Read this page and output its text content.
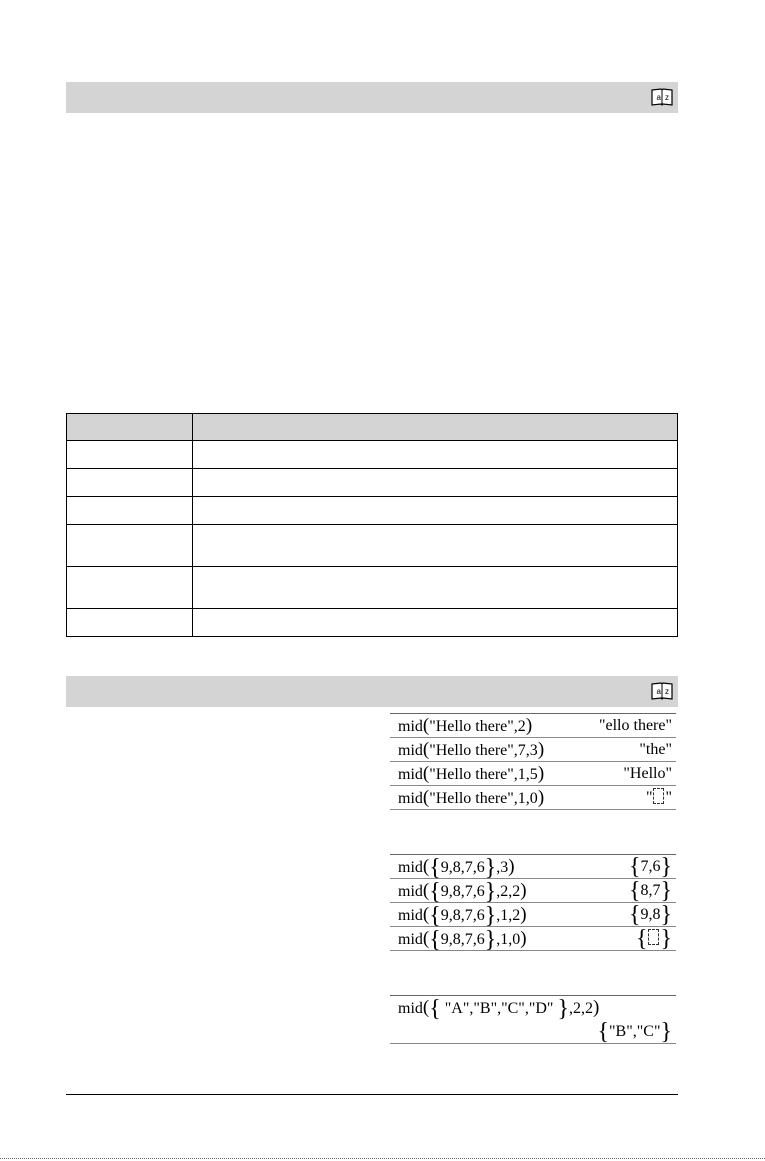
a z

a z
mid("Hello there",2)	"ello there"
mid("Hello there",7,3)	"the"
mid("Hello there",1,5)	"Hello"
mid("Hello there",1,0)	" "
mid({9,8,7,6},3)	{7,6}
mid({9,8,7,6},2,2)	{8,7}
mid({9,8,7,6},1,2)	{9,8}
mid({9,8,7,6},1,0)	{ }
mid({ "A","B","C","D" },2,2)
{"B","C"}
